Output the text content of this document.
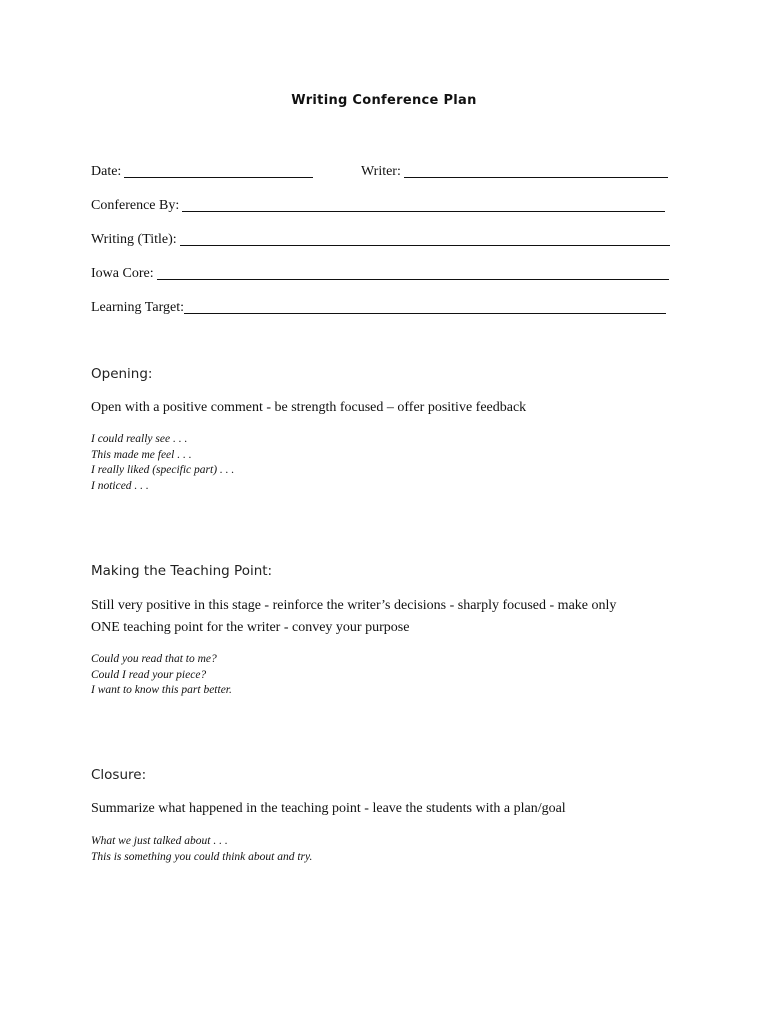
Writing Conference Plan
Date:	Writer:
Conference By:
Writing (Title):
Iowa Core:
Learning Target:
Opening:
Open with a positive comment - be strength focused – offer positive feedback
I could really see . . .
This made me feel . . .
I really liked (specific part) . . .
I noticed . . .
Making the Teaching Point:
Still very positive in this stage - reinforce the writer’s decisions - sharply focused - make only
ONE teaching point for the writer - convey your purpose
Could you read that to me?
Could I read your piece?
I want to know this part better.
Closure:
Summarize what happened in the teaching point - leave the students with a plan/goal
What we just talked about . . .
This is something you could think about and try.
